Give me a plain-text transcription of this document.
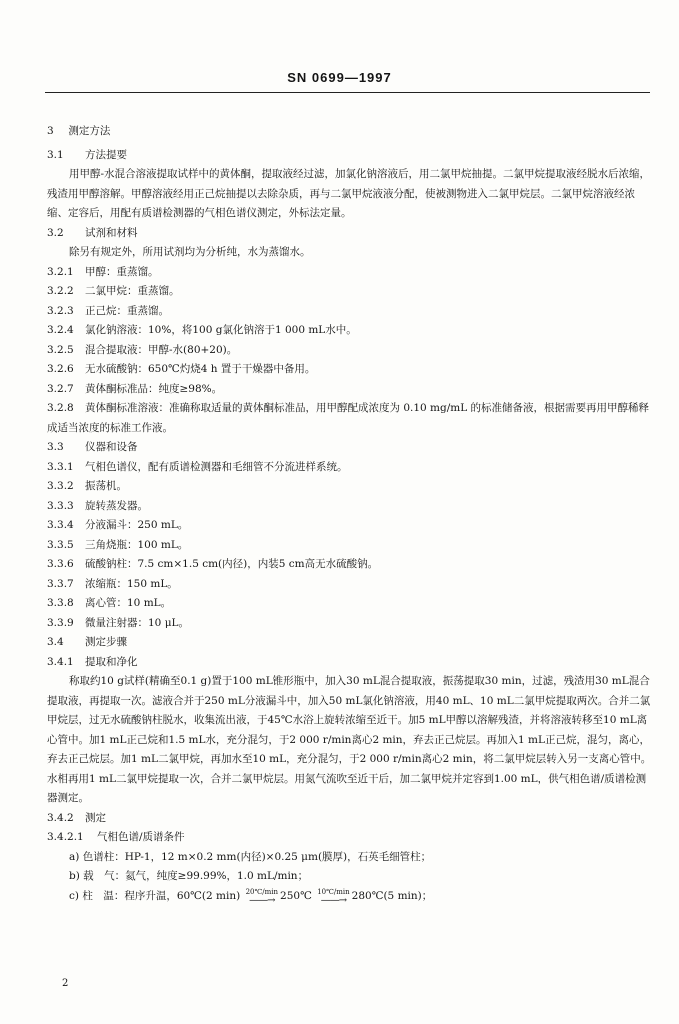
SN 0699—1997

3 测定方法

3.1 方法提要

用甲醇-水混合溶液提取试样中的黄体酮，提取液经过滤，加氯化钠溶液后，用二氯甲烷抽提。二氯甲烷提取液经脱水后浓缩，残渣用甲醇溶解。甲醇溶液经用正己烷抽提以去除杂质，再与二氯甲烷液液分配，使被测物进入二氯甲烷层。二氯甲烷溶液经浓缩、定容后，用配有质谱检测器的气相色谱仪测定，外标法定量。

3.2 试剂和材料

除另有规定外，所用试剂均为分析纯，水为蒸馏水。

3.2.1 甲醇：重蒸馏。

3.2.2 二氯甲烷：重蒸馏。

3.2.3 正己烷：重蒸馏。

3.2.4 氯化钠溶液：10%，将100 g氯化钠溶于1 000 mL水中。

3.2.5 混合提取液：甲醇-水(80+20)。

3.2.6 无水硫酸钠：650℃灼烧4 h 置于干燥器中备用。

3.2.7 黄体酮标准品：纯度≥98%。

3.2.8 黄体酮标准溶液：准确称取适量的黄体酮标准品，用甲醇配成浓度为 0.10 mg/mL 的标准储备液，根据需要再用甲醇稀释成适当浓度的标准工作液。

3.3 仪器和设备

3.3.1 气相色谱仪，配有质谱检测器和毛细管不分流进样系统。

3.3.2 振荡机。

3.3.3 旋转蒸发器。

3.3.4 分液漏斗：250 mL。

3.3.5 三角烧瓶：100 mL。

3.3.6 硫酸钠柱：7.5 cm×1.5 cm(内径)，内装5 cm高无水硫酸钠。

3.3.7 浓缩瓶：150 mL。

3.3.8 离心管：10 mL。

3.3.9 微量注射器：10 μL。

3.4 测定步骤

3.4.1 提取和净化

称取约10 g试样(精确至0.1 g)置于100 mL锥形瓶中，加入30 mL混合提取液，振荡提取30 min，过滤，残渣用30 mL混合提取液，再提取一次。滤液合并于250 mL分液漏斗中，加入50 mL氯化钠溶液，用40 mL、10 mL二氯甲烷提取两次。合并二氯甲烷层，过无水硫酸钠柱脱水，收集流出液，于45℃水浴上旋转浓缩至近干。加5 mL甲醇以溶解残渣，并将溶液转移至10 mL离心管中。加1 mL正己烷和1.5 mL水，充分混匀，于2 000 r/min离心2 min，弃去正己烷层。再加入1 mL正己烷，混匀，离心，弃去正己烷层。加1 mL二氯甲烷，再加水至10 mL，充分混匀，于2 000 r/min离心2 min，将二氯甲烷层转入另一支离心管中。水相再用1 mL二氯甲烷提取一次，合并二氯甲烷层。用氮气流吹至近干后，加二氯甲烷并定容到1.00 mL，供气相色谱/质谱检测器测定。

3.4.2 测定

3.4.2.1 气相色谱/质谱条件

a) 色谱柱：HP-1，12 m×0.2 mm(内径)×0.25 μm(膜厚)，石英毛细管柱；

b) 载　气：氦气，纯度≥99.99%，1.0 mL/min；

c) 柱　温：程序升温，60℃(2 min) 20℃/min
——→ 250℃ 10℃/min
——→ 280℃(5 min)；

2
